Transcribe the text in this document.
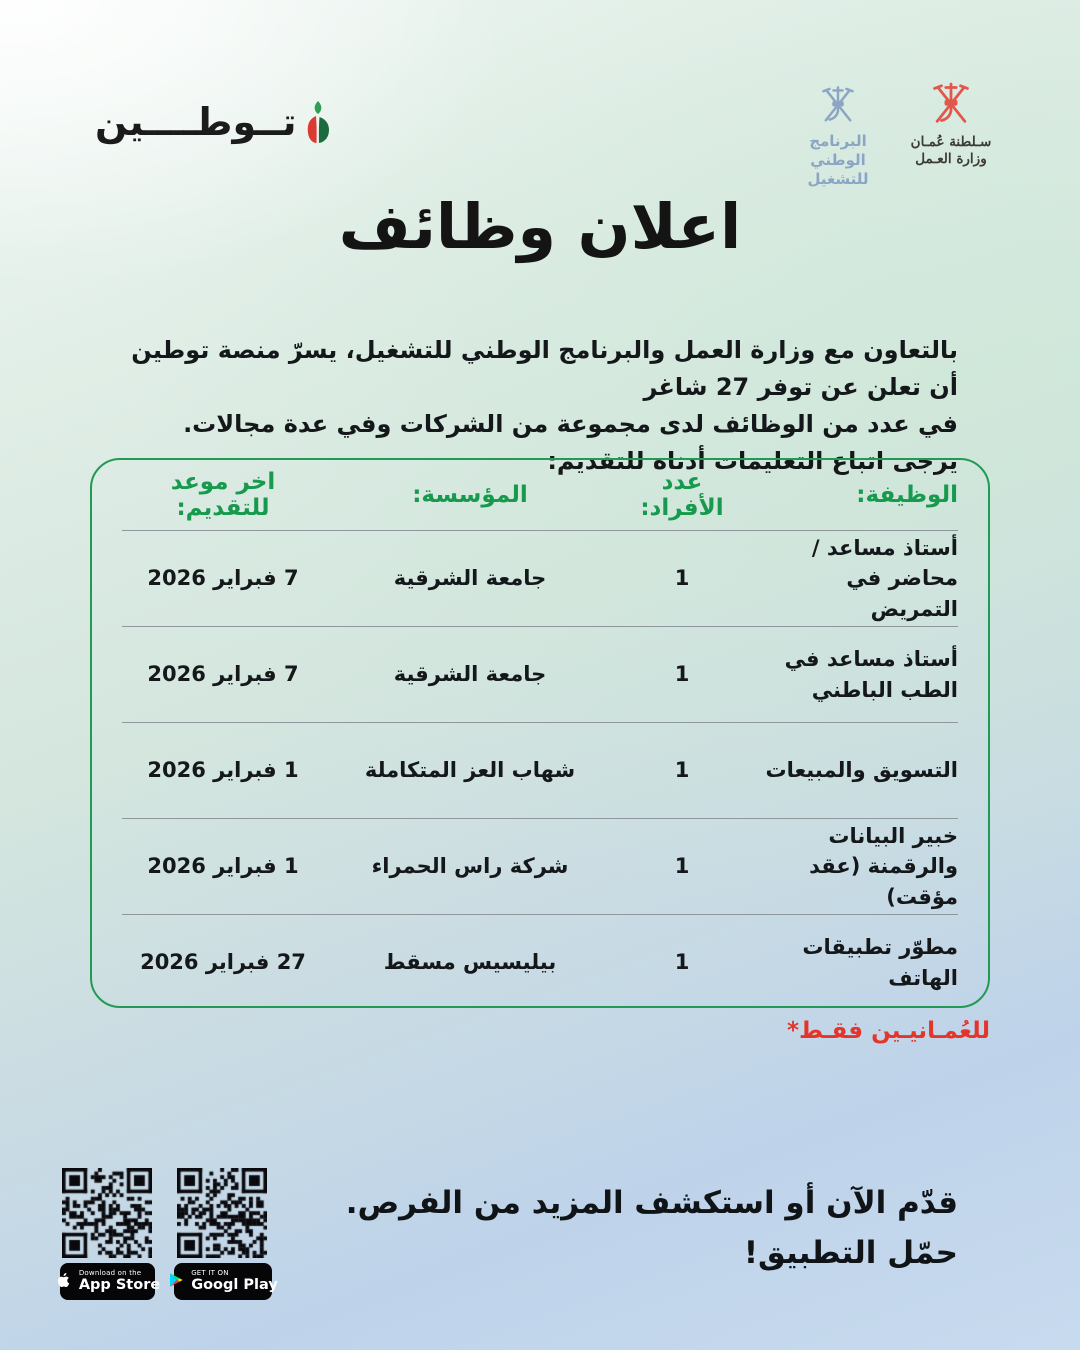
تــوطــــين	البرنامج الوطني
للتشغيل
سـلطنة عُمـان
وزارة العـمل
اعلان وظائف
بالتعاون مع وزارة العمل والبرنامج الوطني للتشغيل، يسرّ منصة توطين أن تعلن عن توفر 27 شاغر
في عدد من الوظائف لدى مجموعة من الشركات وفي عدة مجالات.
يرجى اتباع التعليمات أدناه للتقديم:
الوظيفة:
عدد الأفراد:
المؤسسة:
اخر موعد للتقديم:
أستاذ مساعد / محاضر في التمريض
1
جامعة الشرقية
7 فبراير 2026
أستاذ مساعد في الطب الباطني
1
جامعة الشرقية
7 فبراير 2026
التسويق والمبيعات
1
شهاب العز المتكاملة
1 فبراير 2026
خبير البيانات والرقمنة (عقد مؤقت)
1
شركة راس الحمراء
1 فبراير 2026
مطوّر تطبيقات الهاتف
1
بيليسيس مسقط
27 فبراير 2026
للعُمـانيـين فقـط*
قدّم الآن أو استكشف المزيد من الفرص.
حمّل التطبيق!
Download on the
App Store
GET IT ON
Googl Play
